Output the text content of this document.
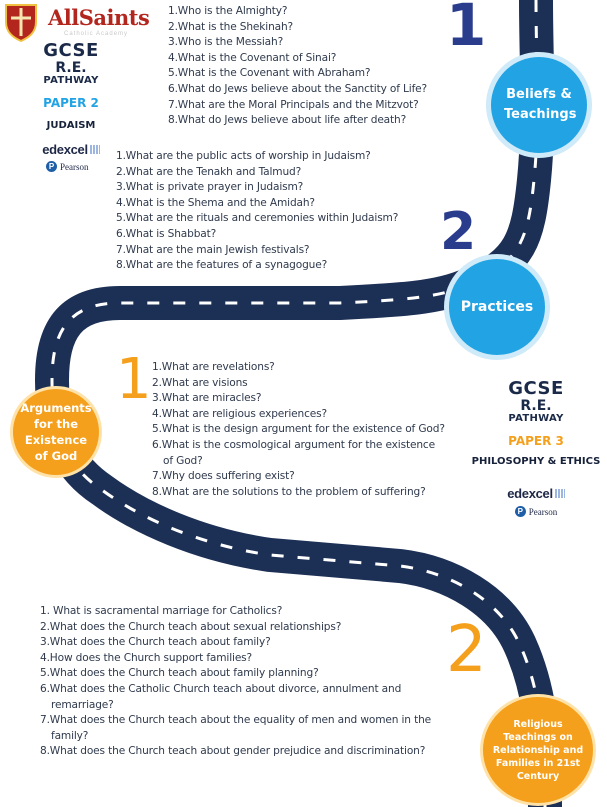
AllSaints
Catholic Academy
GCSE
R.E.
PATHWAY
PAPER 2
JUDAISM
edexcel
P Pearson
1
1.Who is the Almighty?
2.What is the Shekinah?
3.Who is the Messiah?
4.What is the Covenant of Sinai?
5.What is the Covenant with Abraham?
6.What do Jews believe about the Sanctity of Life?
7.What are the Moral Principals and the Mitzvot?
8.What do Jews believe about life after death?
Beliefs & Teachings
1.What are the public acts of worship in Judaism?
2.What are the Tenakh and Talmud?
3.What is private prayer in Judaism?
4.What is the Shema and the Amidah?
5.What are the rituals and ceremonies within Judaism?
6.What is Shabbat?
7.What are the main Jewish festivals?
8.What are the features of a synagogue?
2
Practices
1
Arguments for the Existence of God
1.What are revelations?
2.What are visions
3.What are miracles?
4.What are religious experiences?
5.What is the design argument for the existence of God?
6.What is the cosmological argument for the existence of God?
7.Why does suffering exist?
8.What are the solutions to the problem of suffering?
GCSE
R.E.
PATHWAY
PAPER 3
PHILOSOPHY & ETHICS
edexcel
P Pearson
1. What is sacramental marriage for Catholics?
2.What does the Church teach about sexual relationships?
3.What does the Church teach about family?
4.How does the Church support families?
5.What does the Church teach about family planning?
6.What does the Catholic Church teach about divorce, annulment and remarriage?
7.What does the Church teach about the equality of men and women in the family?
8.What does the Church teach about gender prejudice and discrimination?
2
Religious Teachings on Relationship and Families in 21st Century
